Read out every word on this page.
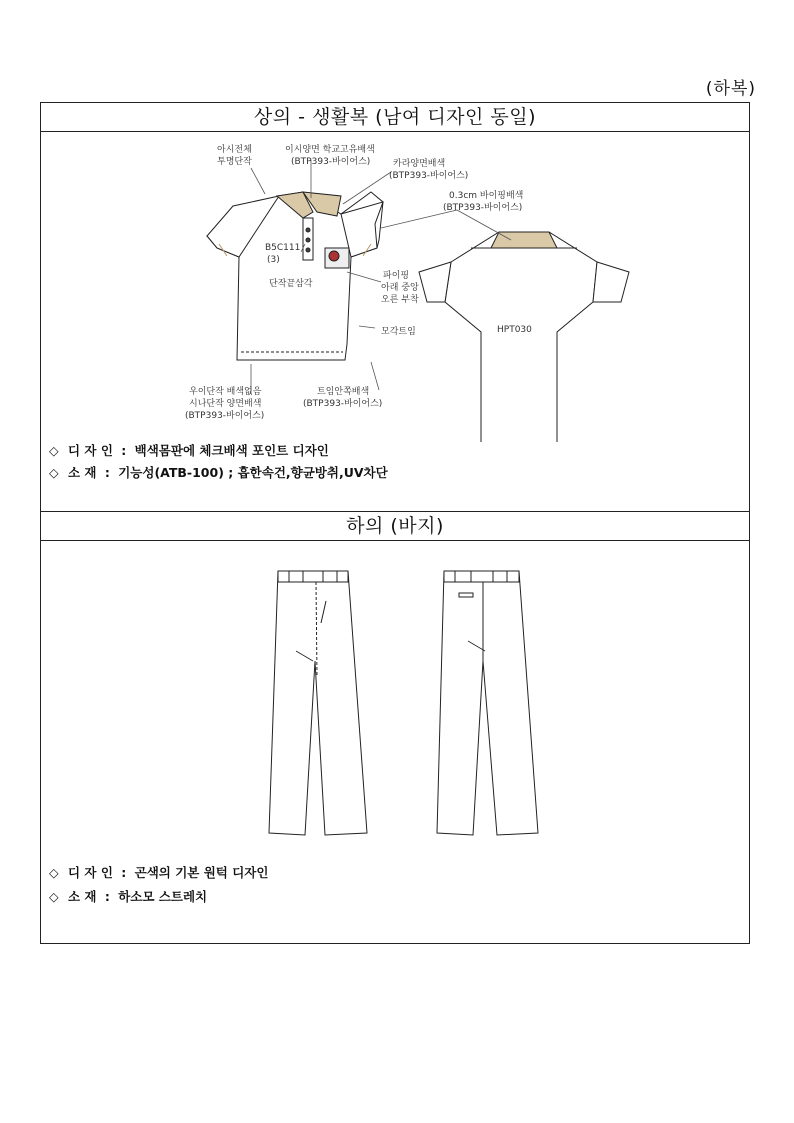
(하복)
상의 - 생활복 (남여 디자인 동일)
아시전체
투명단작
이시양면 학교고유배색
(BTP393-바이어스)	카라양면배색
(BTP393-바이어스)
0.3cm 바이핑배색
(BTP393-바이어스)
B5C111
(3)
단작끝삼각
파이핑
아래 중앙
오른 부착
모각트임
우이단작 배색없음
시나단작 양면배색
(BTP393-바이어스)
트임안쪽배색
(BTP393-바이어스)
HPT030
◇ 디 자 인 : 백색몸판에 체크배색 포인트 디자인
◇ 소 재 : 기능성(ATB-100) ; 흡한속건,향균방취,UV차단
하의 (바지)
◇ 디 자 인 : 곤색의 기본 원턱 디자인
◇ 소 재 : 하소모 스트레치
